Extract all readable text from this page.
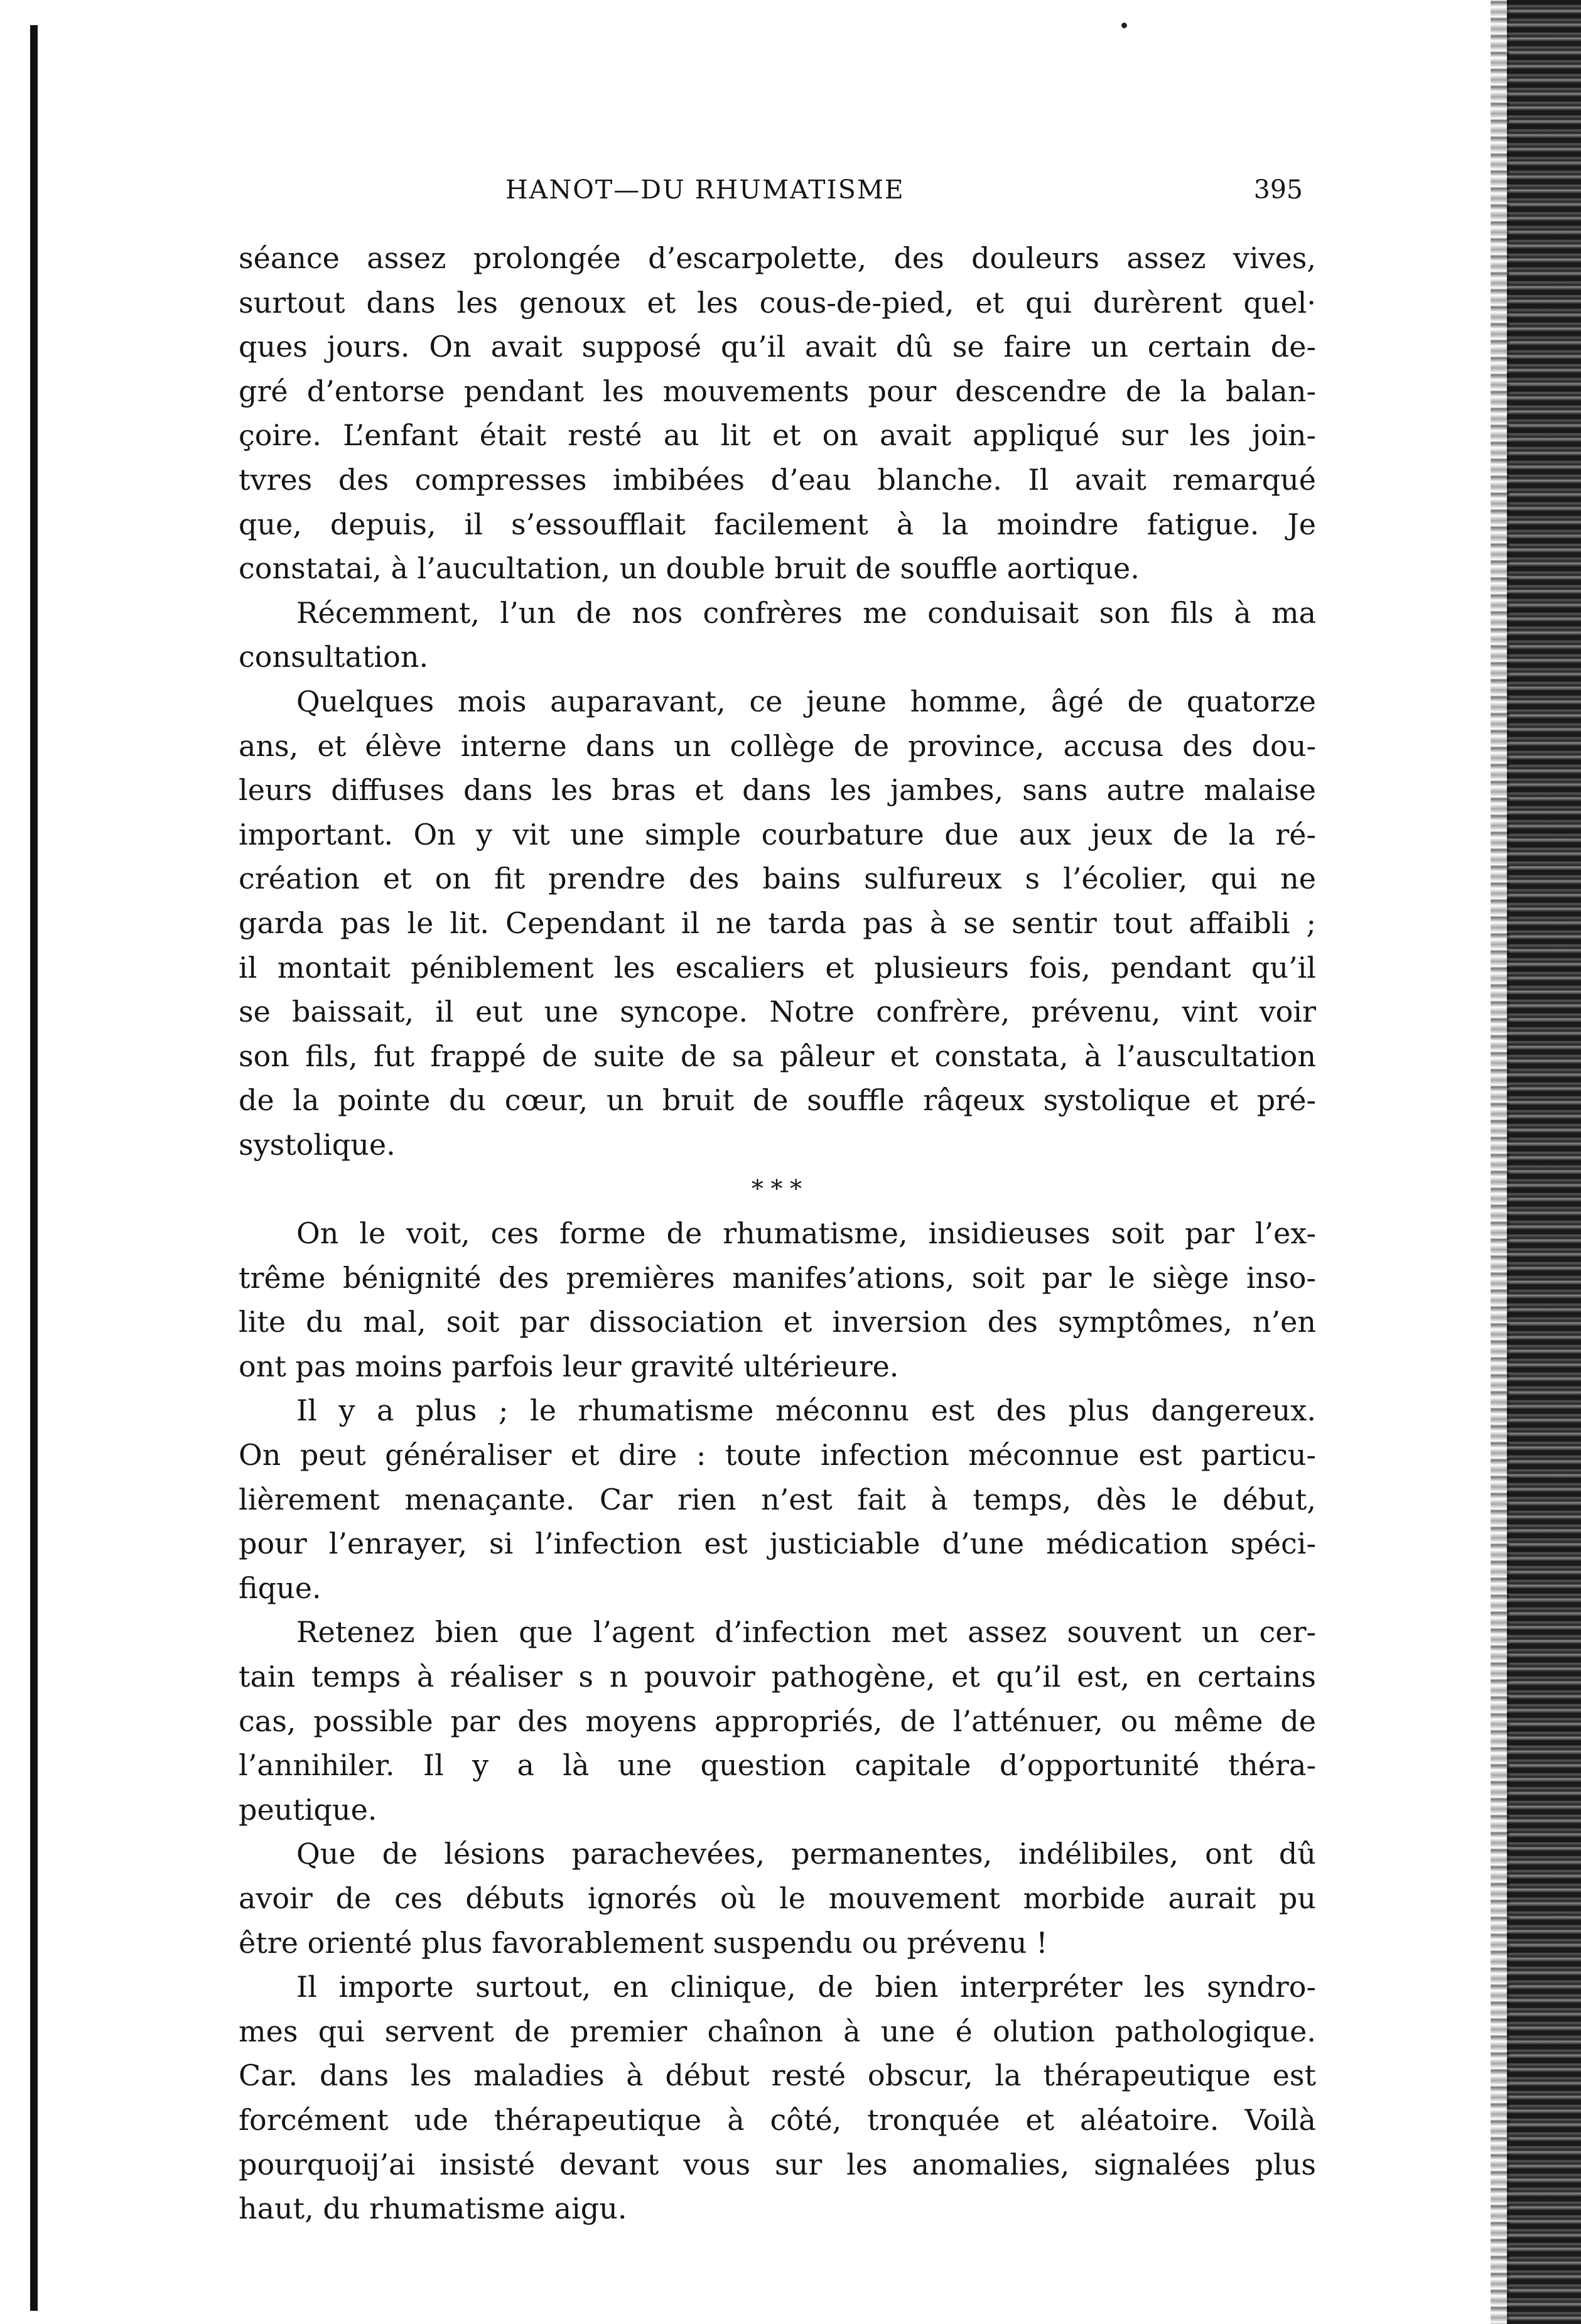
HANOT—DU RHUMATISME	395
séance assez prolongée d’escarpolette, des douleurs assez vives,
surtout dans les genoux et les cous-de-pied, et qui durèrent quel·
ques jours. On avait supposé qu’il avait dû se faire un certain de-
gré d’entorse pendant les mouvements pour descendre de la balan-
çoire. L’enfant était resté au lit et on avait appliqué sur les join-
tvres des compresses imbibées d’eau blanche. Il avait remarqué
que, depuis, il s’essoufflait facilement à la moindre fatigue. Je
constatai, à l’aucultation, un double bruit de souffle aortique.
Récemment, l’un de nos confrères me conduisait son fils à ma
consultation.
Quelques mois auparavant, ce jeune homme, âgé de quatorze
ans, et élève interne dans un collège de province, accusa des dou-
leurs diffuses dans les bras et dans les jambes, sans autre malaise
important. On y vit une simple courbature due aux jeux de la ré-
création et on fit prendre des bains sulfureux s l’écolier, qui ne
garda pas le lit. Cependant il ne tarda pas à se sentir tout affaibli ;
il montait péniblement les escaliers et plusieurs fois, pendant qu’il
se baissait, il eut une syncope. Notre confrère, prévenu, vint voir
son fils, fut frappé de suite de sa pâleur et constata, à l’auscultation
de la pointe du cœur, un bruit de souffle râqeux systolique et pré-
systolique.
* * *
On le voit, ces forme de rhumatisme, insidieuses soit par l’ex-
trême bénignité des premières manifes’ations, soit par le siège inso-
lite du mal, soit par dissociation et inversion des symptômes, n’en
ont pas moins parfois leur gravité ultérieure.
Il y a plus ; le rhumatisme méconnu est des plus dangereux.
On peut généraliser et dire : toute infection méconnue est particu-
lièrement menaçante. Car rien n’est fait à temps, dès le début,
pour l’enrayer, si l’infection est justiciable d’une médication spéci-
fique.
Retenez bien que l’agent d’infection met assez souvent un cer-
tain temps à réaliser s n pouvoir pathogène, et qu’il est, en certains
cas, possible par des moyens appropriés, de l’atténuer, ou même de
l’annihiler. Il y a là une question capitale d’opportunité théra-
peutique.
Que de lésions parachevées, permanentes, indélibiles, ont dû
avoir de ces débuts ignorés où le mouvement morbide aurait pu
être orienté plus favorablement suspendu ou prévenu !
Il importe surtout, en clinique, de bien interpréter les syndro-
mes qui servent de premier chaînon à une é olution pathologique.
Car. dans les maladies à début resté obscur, la thérapeutique est
forcément ude thérapeutique à côté, tronquée et aléatoire. Voilà
pourquoij’ai insisté devant vous sur les anomalies, signalées plus
haut, du rhumatisme aigu.
